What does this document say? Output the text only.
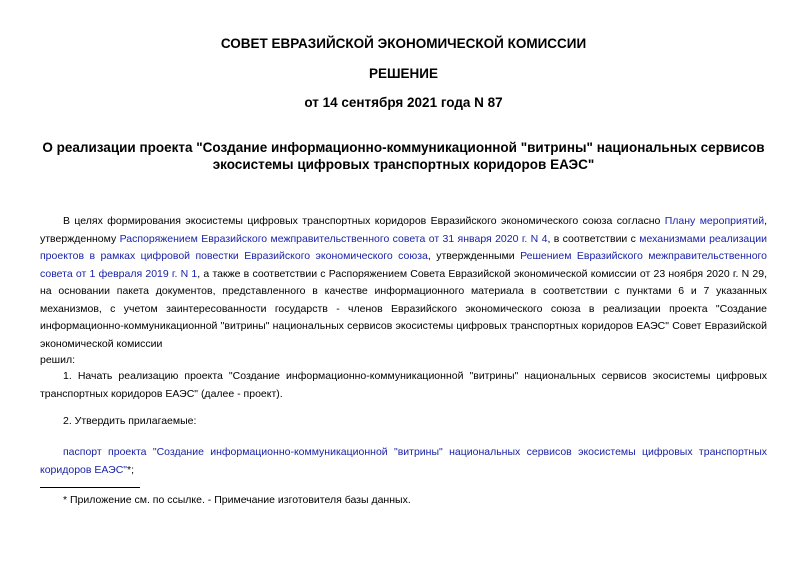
СОВЕТ ЕВРАЗИЙСКОЙ ЭКОНОМИЧЕСКОЙ КОМИССИИ
РЕШЕНИЕ
от 14 сентября 2021 года N 87
О реализации проекта "Создание информационно-коммуникационной "витрины" национальных сервисов
экосистемы цифровых транспортных коридоров ЕАЭС"
В целях формирования экосистемы цифровых транспортных коридоров Евразийского экономического союза согласно Плану мероприятий, утвержденному Распоряжением Евразийского межправительственного совета от 31 января 2020 г. N 4, в соответствии с механизмами реализации проектов в рамках цифровой повестки Евразийского экономического союза, утвержденными Решением Евразийского межправительственного совета от 1 февраля 2019 г. N 1, а также в соответствии с Распоряжением Совета Евразийской экономической комиссии от 23 ноября 2020 г. N 29, на основании пакета документов, представленного в качестве информационного материала в соответствии с пунктами 6 и 7 указанных механизмов, с учетом заинтересованности государств - членов Евразийского экономического союза в реализации проекта "Создание информационно-коммуникационной "витрины" национальных сервисов экосистемы цифровых транспортных коридоров ЕАЭС" Совет Евразийской экономической комиссии
решил:
1. Начать реализацию проекта "Создание информационно-коммуникационной "витрины" национальных сервисов экосистемы цифровых транспортных коридоров ЕАЭС" (далее - проект).
2. Утвердить прилагаемые:
паспорт проекта "Создание информационно-коммуникационной "витрины" национальных сервисов экосистемы цифровых транспортных коридоров ЕАЭС"*;
* Приложение см. по ссылке. - Примечание изготовителя базы данных.
